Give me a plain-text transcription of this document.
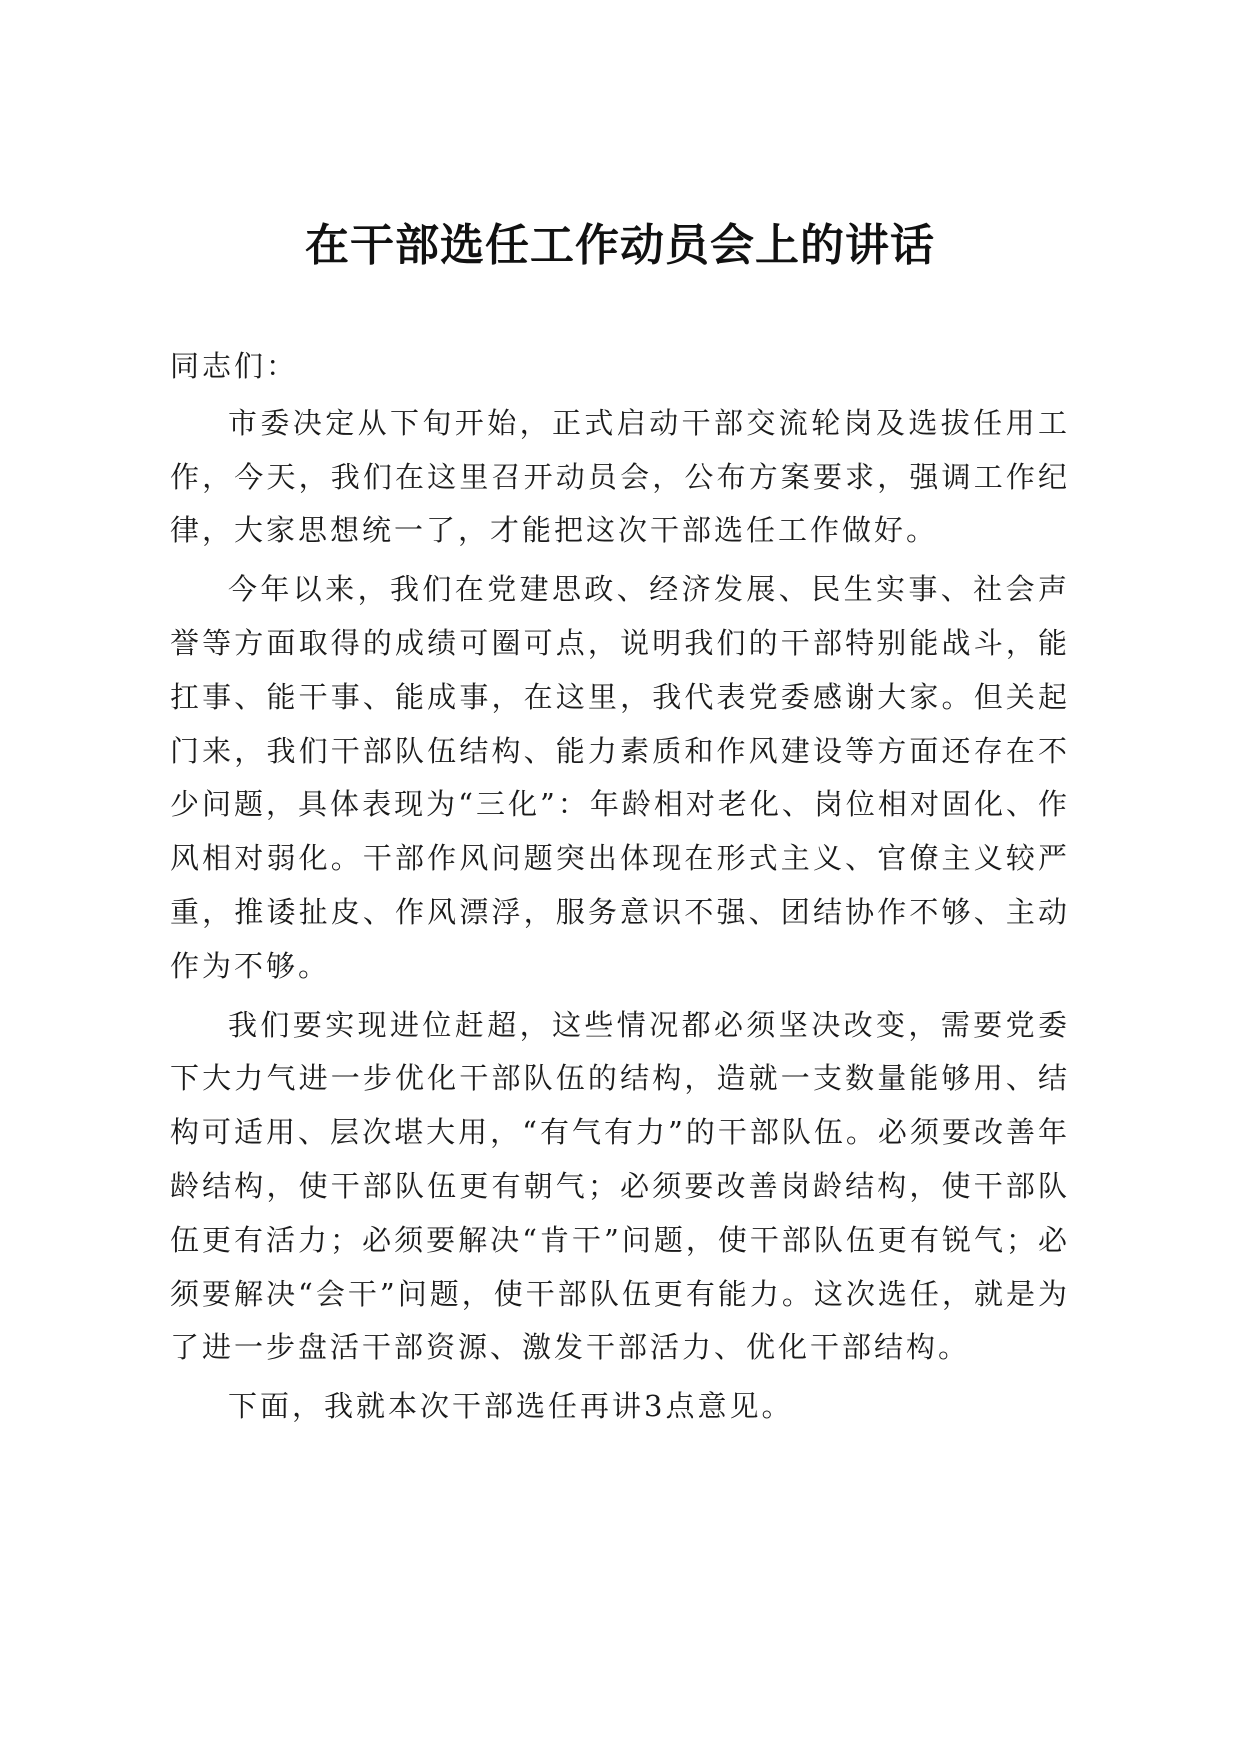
在干部选任工作动员会上的讲话

同志们：

市委决定从下旬开始，正式启动干部交流轮岗及选拔任用工作，今天，我们在这里召开动员会，公布方案要求，强调工作纪律，大家思想统一了，才能把这次干部选任工作做好。

今年以来，我们在党建思政、经济发展、民生实事、社会声誉等方面取得的成绩可圈可点，说明我们的干部特别能战斗，能扛事、能干事、能成事，在这里，我代表党委感谢大家。但关起门来，我们干部队伍结构、能力素质和作风建设等方面还存在不少问题，具体表现为“三化”：年龄相对老化、岗位相对固化、作风相对弱化。干部作风问题突出体现在形式主义、官僚主义较严重，推诿扯皮、作风漂浮，服务意识不强、团结协作不够、主动作为不够。

我们要实现进位赶超，这些情况都必须坚决改变，需要党委下大力气进一步优化干部队伍的结构，造就一支数量能够用、结构可适用、层次堪大用，“有气有力”的干部队伍。必须要改善年龄结构，使干部队伍更有朝气；必须要改善岗龄结构，使干部队伍更有活力；必须要解决“肯干”问题，使干部队伍更有锐气；必须要解决“会干”问题，使干部队伍更有能力。这次选任，就是为了进一步盘活干部资源、激发干部活力、优化干部结构。

下面，我就本次干部选任再讲3点意见。
